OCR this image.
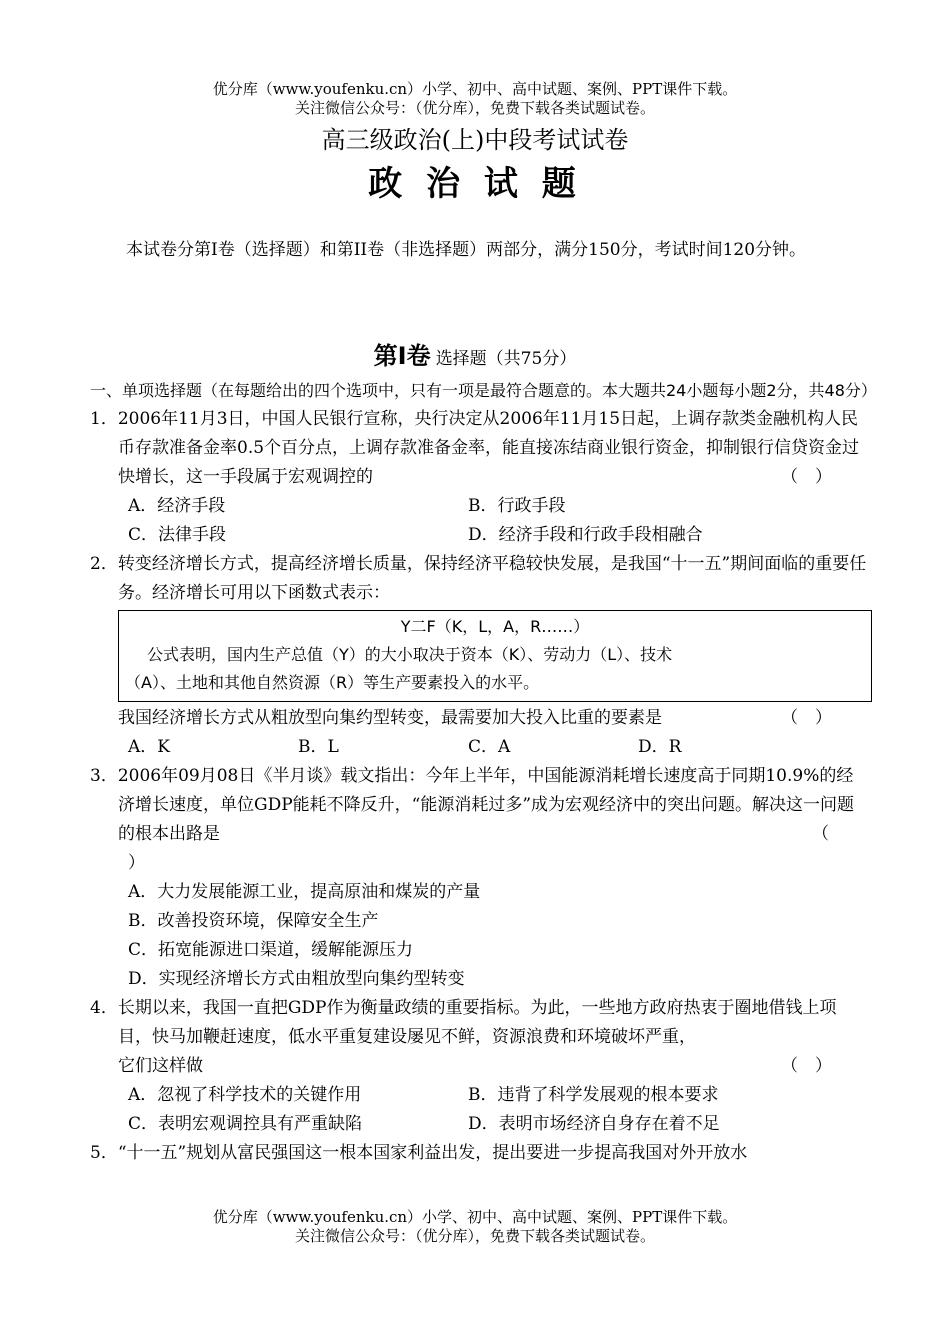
优分库（www.youfenku.cn）小学、初中、高中试题、案例、PPT课件下载。
关注微信公众号：（优分库），免费下载各类试题试卷。
高三级政治(上)中段考试试卷
政 治 试 题
本试卷分第I卷（选择题）和第II卷（非选择题）两部分，满分150分，考试时间120分钟。
第I卷 选择题（共75分）
一、单项选择题（在每题给出的四个选项中，只有一项是最符合题意的。本大题共24小题每小题2分，共48分）
1．2006年11月3日，中国人民银行宣称，央行决定从2006年11月15日起，上调存款类金融机构人民币存款准备金率0.5个百分点，上调存款准备金率，能直接冻结商业银行资金，抑制银行信贷资金过快增长，这一手段属于宏观调控的	（　）
A．经济手段	B．行政手段
C．法律手段	D．经济手段和行政手段相融合
2．转变经济增长方式，提高经济增长质量，保持经济平稳较快发展，是我国“十一五”期间面临的重要任务。经济增长可用以下函数式表示：
Y二F（K，L，A，R……）
公式表明，国内生产总值（Y）的大小取决于资本（K）、劳动力（L）、技术
（A）、土地和其他自然资源（R）等生产要素投入的水平。
我国经济增长方式从粗放型向集约型转变，最需要加大投入比重的要素是	（　）
A．K	B．L	C．A	D．R
3．2006年09月08日《半月谈》载文指出：今年上半年，中国能源消耗增长速度高于同期10.9%的经济增长速度，单位GDP能耗不降反升，“能源消耗过多”成为宏观经济中的突出问题。解决这一问题的根本出路是	（
）
A．大力发展能源工业，提高原油和煤炭的产量
B．改善投资环境，保障安全生产
C．拓宽能源进口渠道，缓解能源压力
D．实现经济增长方式由粗放型向集约型转变
4．长期以来，我国一直把GDP作为衡量政绩的重要指标。为此，一些地方政府热衷于圈地借钱上项目，快马加鞭赶速度，低水平重复建设屡见不鲜，资源浪费和环境破坏严重，
它们这样做	（　）
A．忽视了科学技术的关键作用	B．违背了科学发展观的根本要求
C．表明宏观调控具有严重缺陷	D．表明市场经济自身存在着不足
5．“十一五”规划从富民强国这一根本国家利益出发，提出要进一步提高我国对外开放水
优分库（www.youfenku.cn）小学、初中、高中试题、案例、PPT课件下载。
关注微信公众号：（优分库），免费下载各类试题试卷。
